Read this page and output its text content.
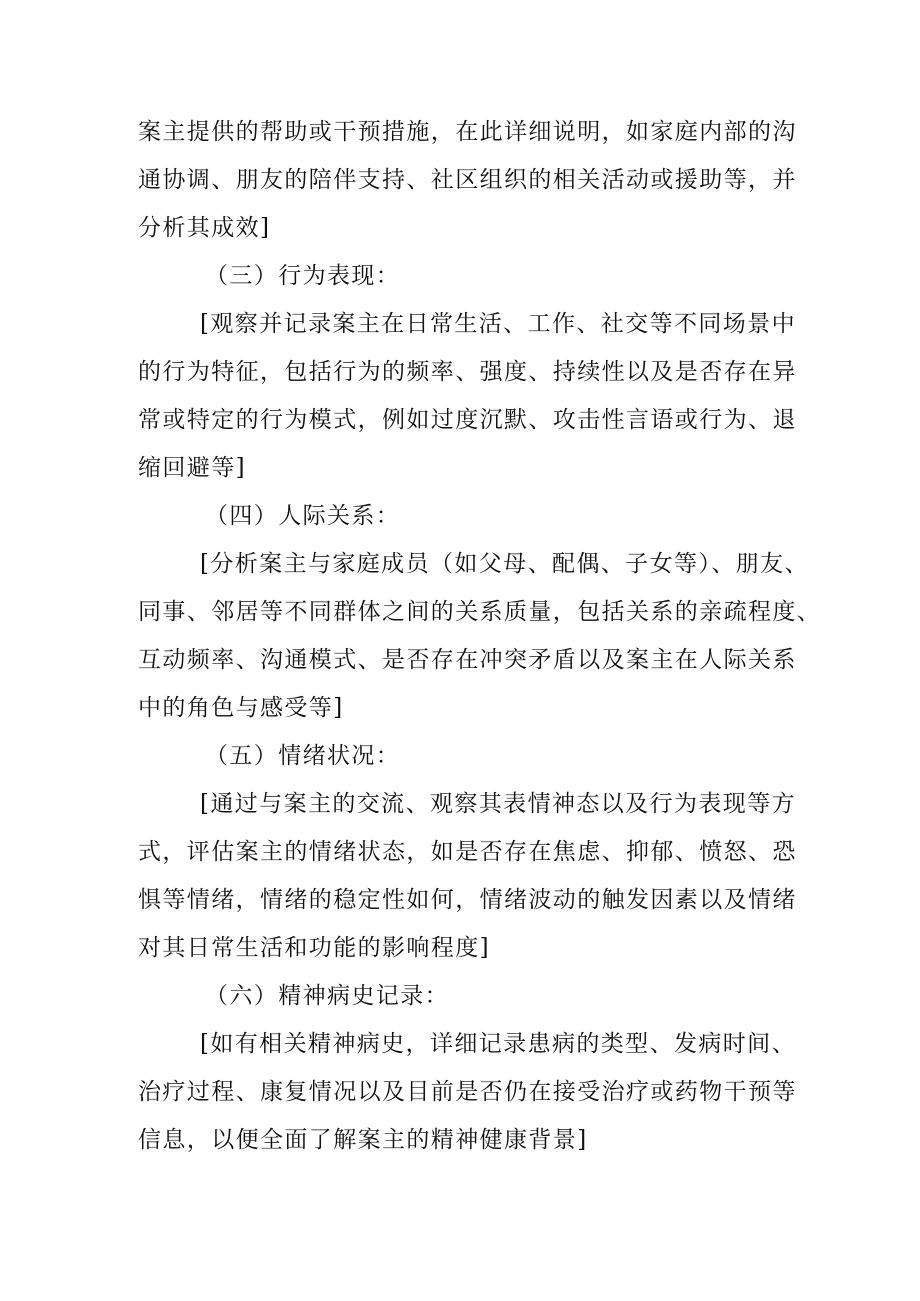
案主提供的帮助或干预措施，在此详细说明，如家庭内部的沟
通协调、朋友的陪伴支持、社区组织的相关活动或援助等，并
分析其成效]
（三）行为表现：
[观察并记录案主在日常生活、工作、社交等不同场景中
的行为特征，包括行为的频率、强度、持续性以及是否存在异
常或特定的行为模式，例如过度沉默、攻击性言语或行为、退
缩回避等]
（四）人际关系：
[分析案主与家庭成员（如父母、配偶、子女等）、朋友、
同事、邻居等不同群体之间的关系质量，包括关系的亲疏程度、
互动频率、沟通模式、是否存在冲突矛盾以及案主在人际关系
中的角色与感受等]
（五）情绪状况：
[通过与案主的交流、观察其表情神态以及行为表现等方
式，评估案主的情绪状态，如是否存在焦虑、抑郁、愤怒、恐
惧等情绪，情绪的稳定性如何，情绪波动的触发因素以及情绪
对其日常生活和功能的影响程度]
（六）精神病史记录：
[如有相关精神病史，详细记录患病的类型、发病时间、
治疗过程、康复情况以及目前是否仍在接受治疗或药物干预等
信息，以便全面了解案主的精神健康背景]
